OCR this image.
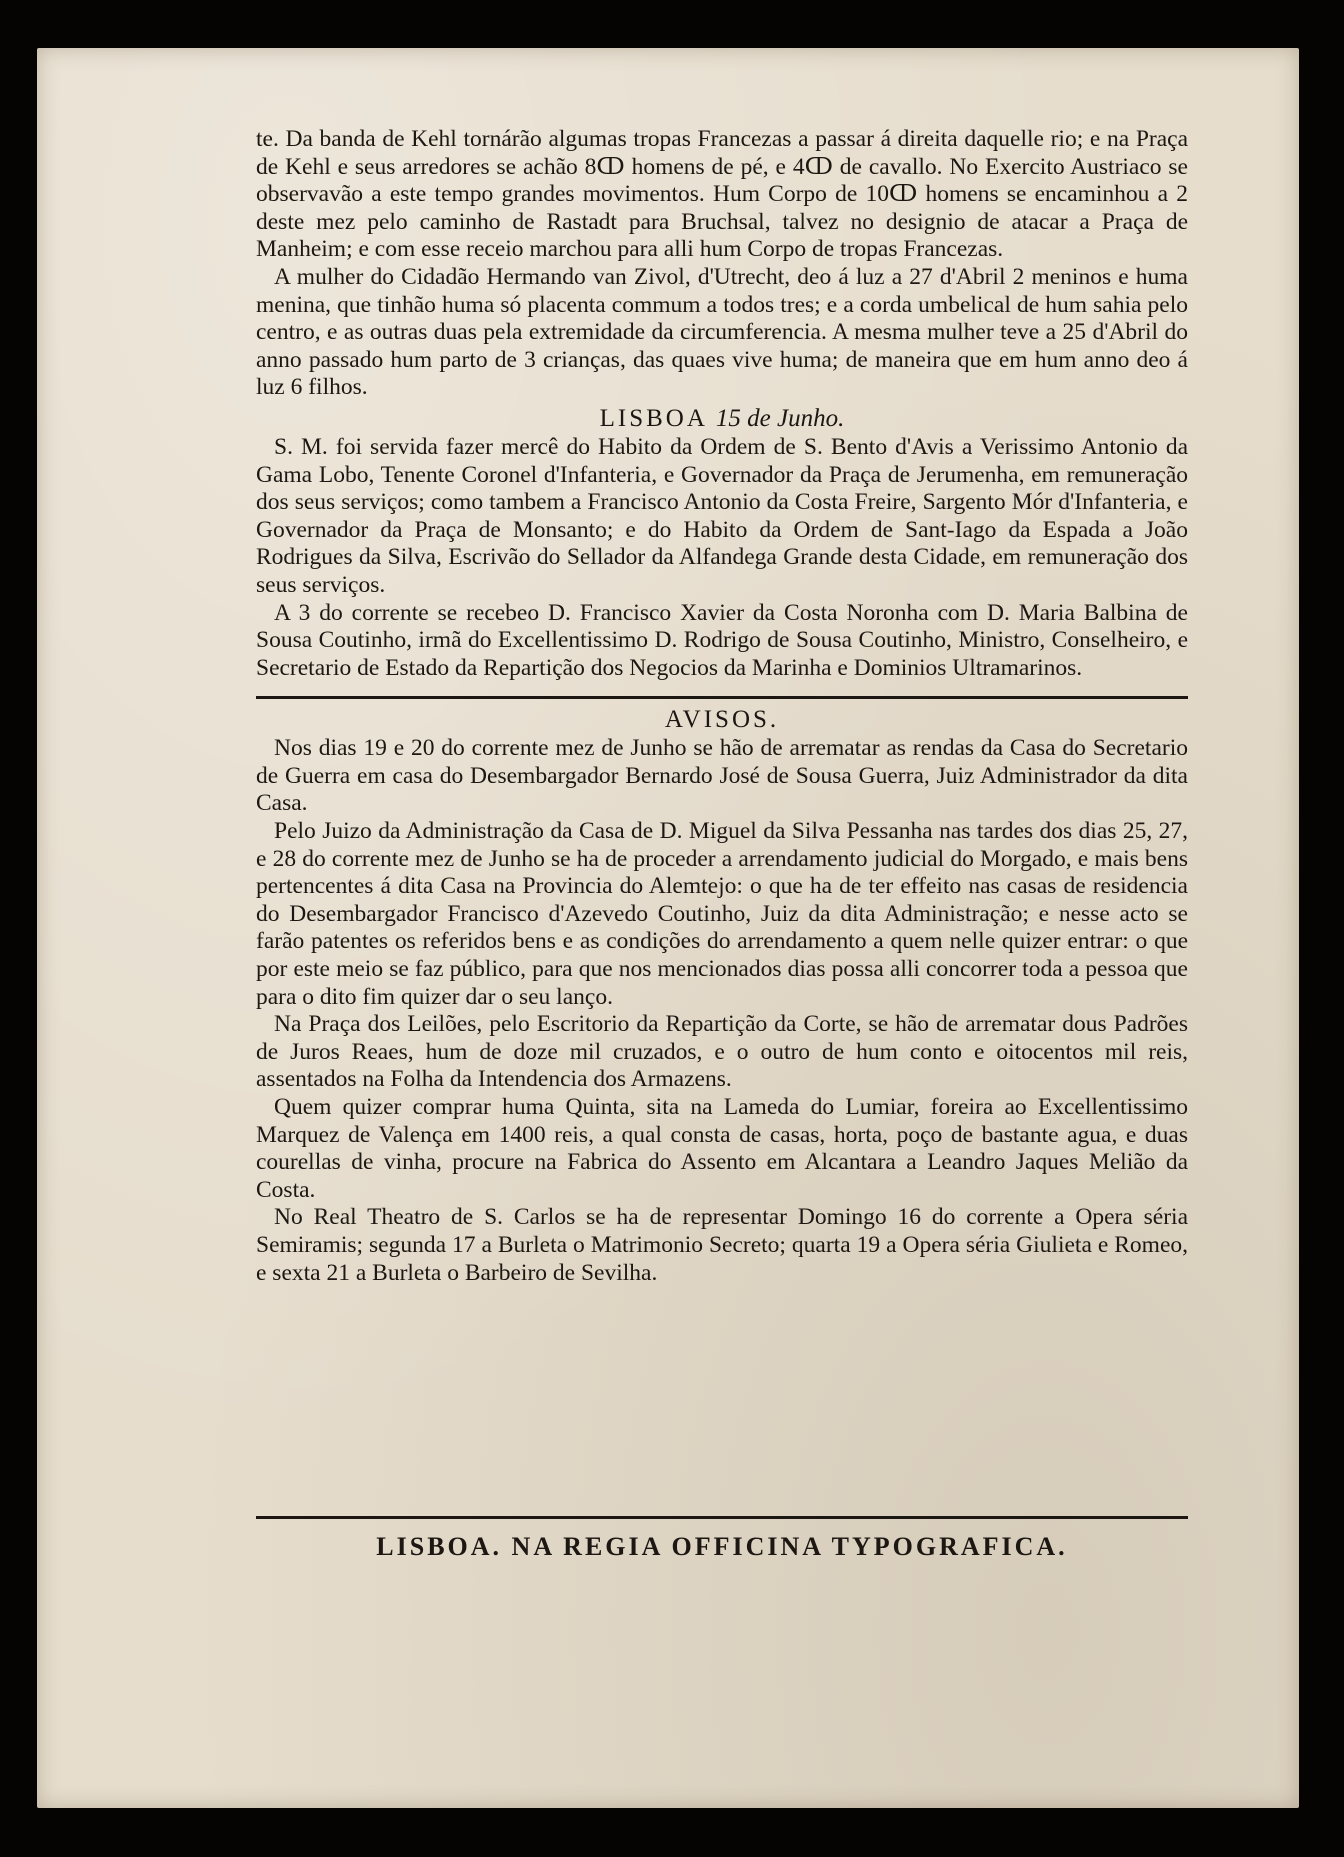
te. Da banda de Kehl tornárão algumas tropas Francezas a passar á direita daquelle rio; e na Praça de Kehl e seus arredores se achão 8ↀ homens de pé, e 4ↀ de cavallo. No Exercito Austriaco se observavão a este tempo grandes movimentos. Hum Corpo de 10ↀ homens se encaminhou a 2 deste mez pelo caminho de Rastadt para Bruchsal, talvez no designio de atacar a Praça de Manheim; e com esse receio marchou para alli hum Corpo de tropas Francezas.

A mulher do Cidadão Hermando van Zivol, d'Utrecht, deo á luz a 27 d'Abril 2 meninos e huma menina, que tinhão huma só placenta commum a todos tres; e a corda umbelical de hum sahia pelo centro, e as outras duas pela extremidade da circumferencia. A mesma mulher teve a 25 d'Abril do anno passado hum parto de 3 crianças, das quaes vive huma; de maneira que em hum anno deo á luz 6 filhos.

LISBOA 15 de Junho.

S. M. foi servida fazer mercê do Habito da Ordem de S. Bento d'Avis a Verissimo Antonio da Gama Lobo, Tenente Coronel d'Infanteria, e Governador da Praça de Jerumenha, em remuneração dos seus serviços; como tambem a Francisco Antonio da Costa Freire, Sargento Mór d'Infanteria, e Governador da Praça de Monsanto; e do Habito da Ordem de Sant-Iago da Espada a João Rodrigues da Silva, Escrivão do Sellador da Alfandega Grande desta Cidade, em remuneração dos seus serviços.

A 3 do corrente se recebeo D. Francisco Xavier da Costa Noronha com D. Maria Balbina de Sousa Coutinho, irmã do Excellentissimo D. Rodrigo de Sousa Coutinho, Ministro, Conselheiro, e Secretario de Estado da Repartição dos Negocios da Marinha e Dominios Ultramarinos.

AVISOS.

Nos dias 19 e 20 do corrente mez de Junho se hão de arrematar as rendas da Casa do Secretario de Guerra em casa do Desembargador Bernardo José de Sousa Guerra, Juiz Administrador da dita Casa.

Pelo Juizo da Administração da Casa de D. Miguel da Silva Pessanha nas tardes dos dias 25, 27, e 28 do corrente mez de Junho se ha de proceder a arrendamento judicial do Morgado, e mais bens pertencentes á dita Casa na Provincia do Alemtejo: o que ha de ter effeito nas casas de residencia do Desembargador Francisco d'Azevedo Coutinho, Juiz da dita Administração; e nesse acto se farão patentes os referidos bens e as condições do arrendamento a quem nelle quizer entrar: o que por este meio se faz público, para que nos mencionados dias possa alli concorrer toda a pessoa que para o dito fim quizer dar o seu lanço.

Na Praça dos Leilões, pelo Escritorio da Repartição da Corte, se hão de arrematar dous Padrões de Juros Reaes, hum de doze mil cruzados, e o outro de hum conto e oitocentos mil reis, assentados na Folha da Intendencia dos Armazens.

Quem quizer comprar huma Quinta, sita na Lameda do Lumiar, foreira ao Excellentissimo Marquez de Valença em 1400 reis, a qual consta de casas, horta, poço de bastante agua, e duas courellas de vinha, procure na Fabrica do Assento em Alcantara a Leandro Jaques Melião da Costa.

No Real Theatro de S. Carlos se ha de representar Domingo 16 do corrente a Opera séria Semiramis; segunda 17 a Burleta o Matrimonio Secreto; quarta 19 a Opera séria Giulieta e Romeo, e sexta 21 a Burleta o Barbeiro de Sevilha.

LISBOA. NA REGIA OFFICINA TYPOGRAFICA.
